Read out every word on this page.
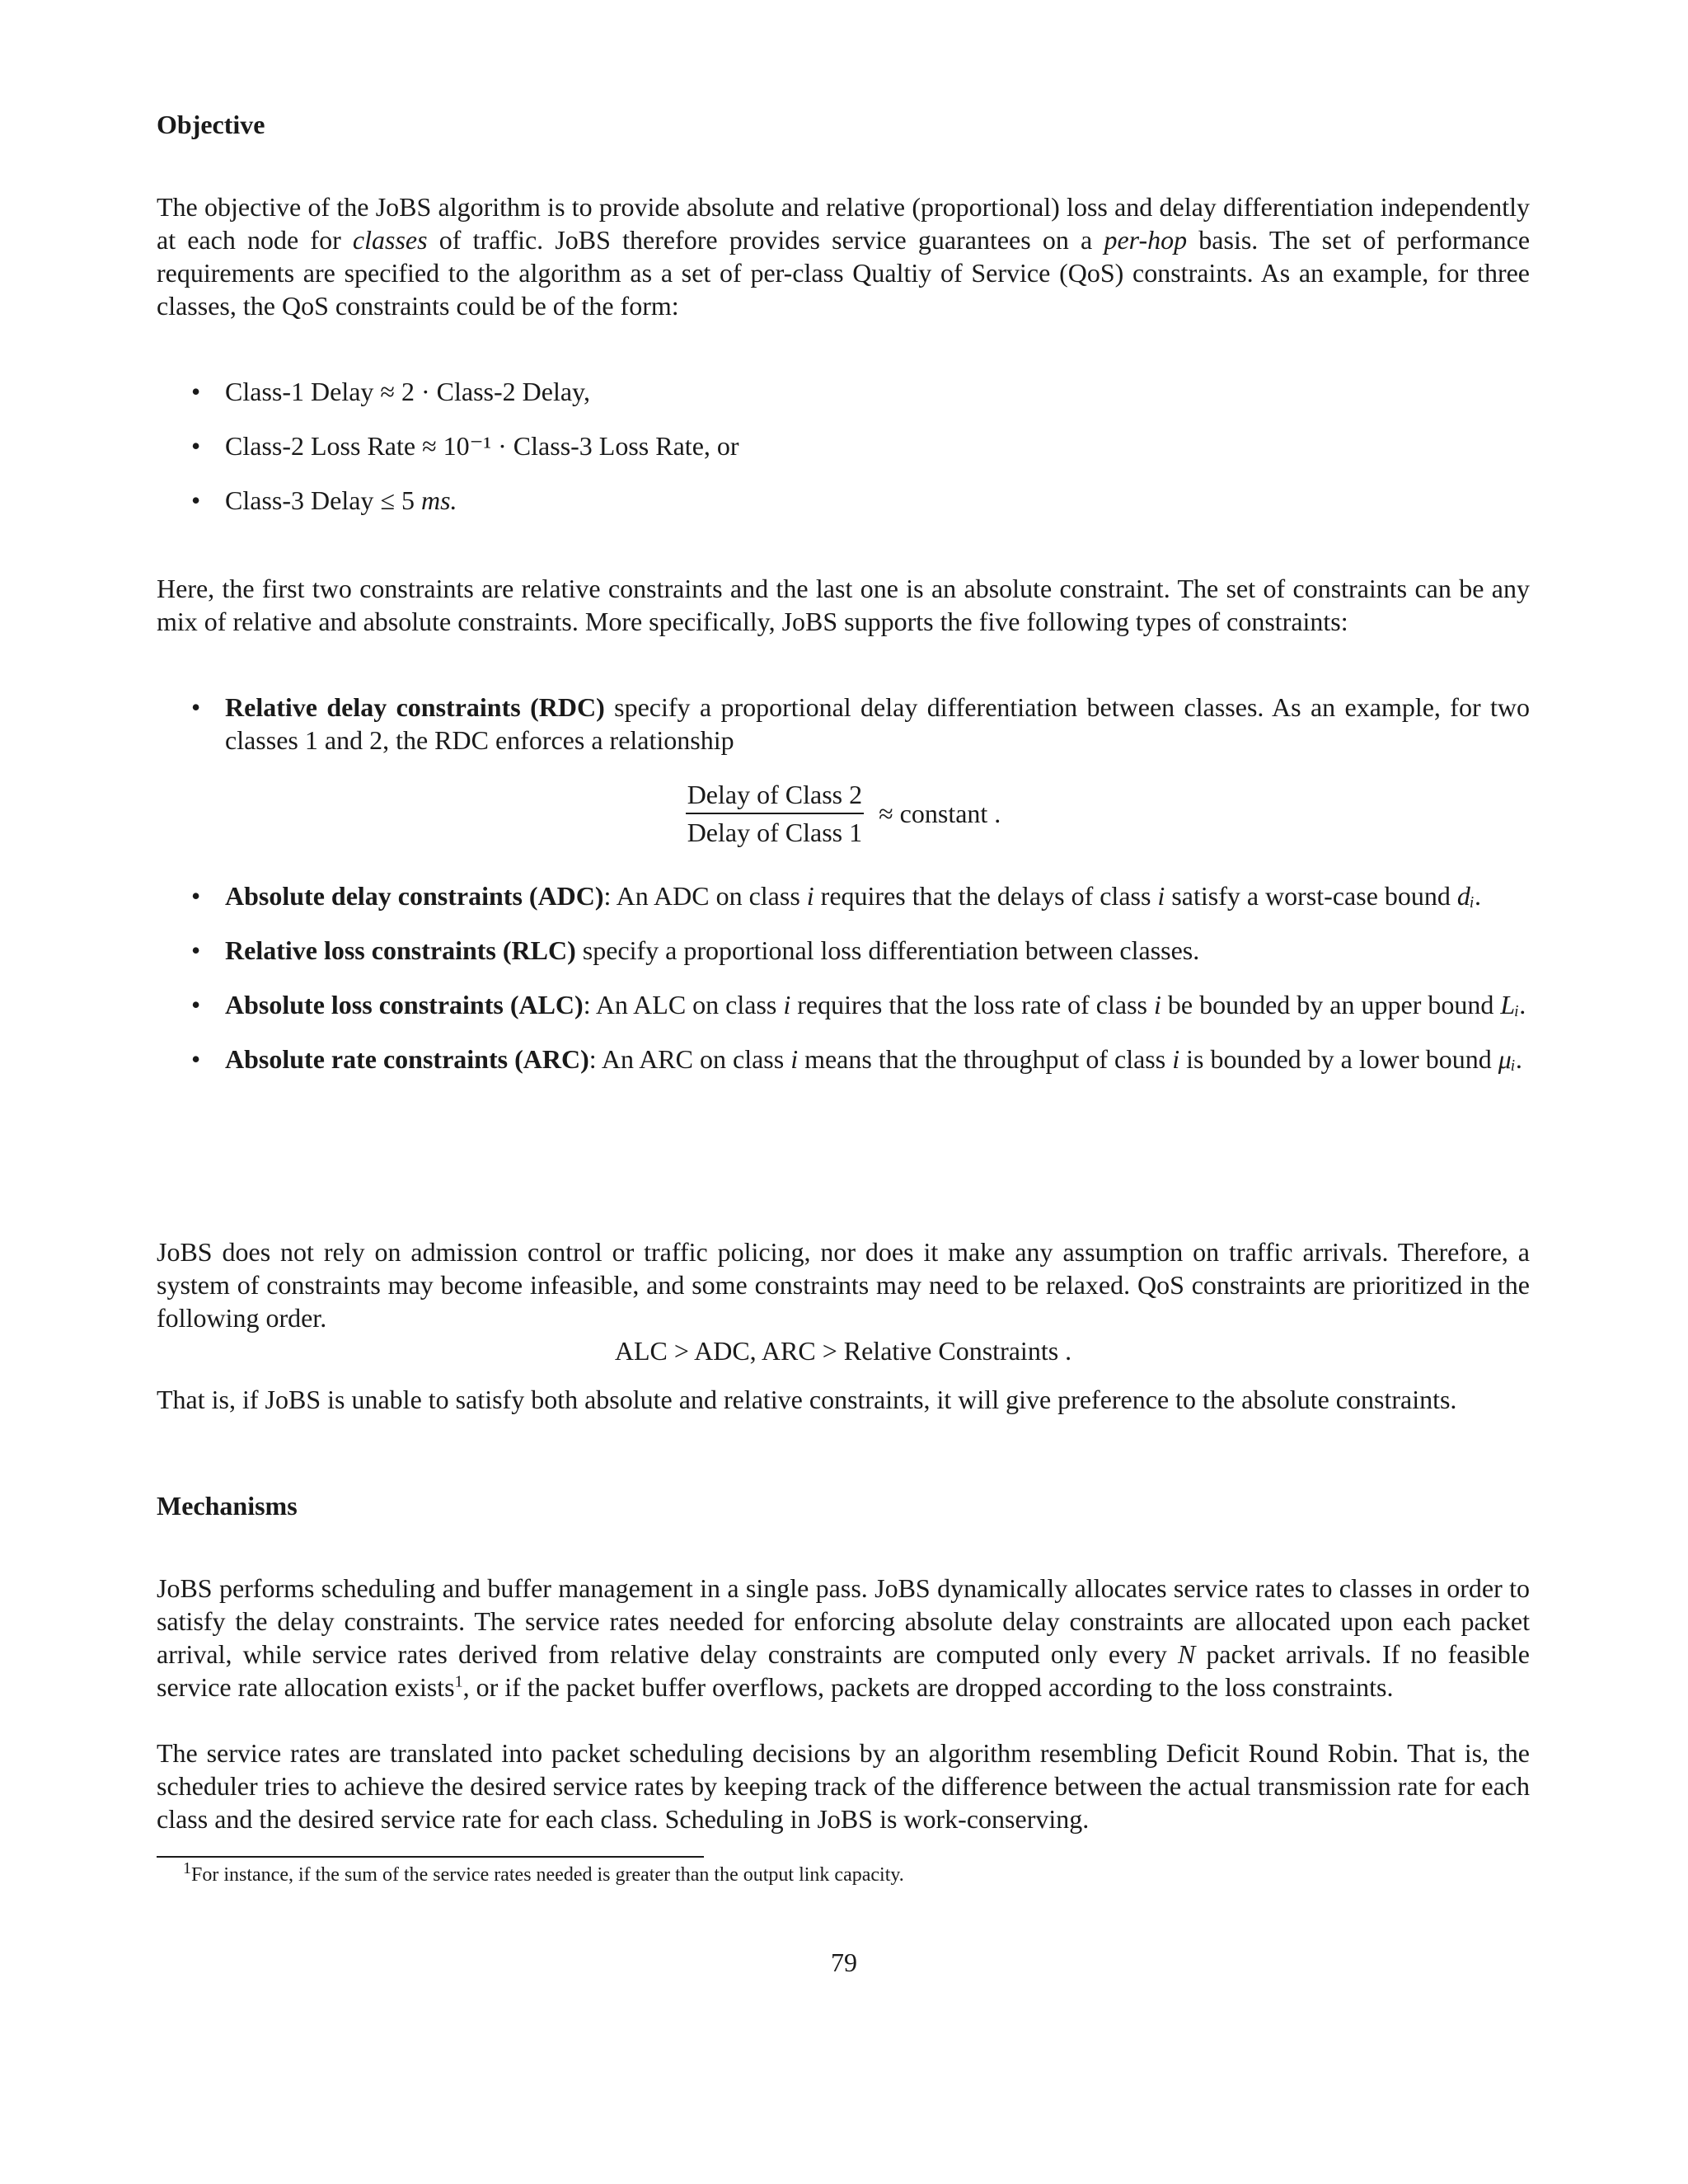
Objective
The objective of the JoBS algorithm is to provide absolute and relative (proportional) loss and delay differentiation independently at each node for classes of traffic. JoBS therefore provides service guarantees on a per-hop basis. The set of performance requirements are specified to the algorithm as a set of per-class Qualtiy of Service (QoS) constraints. As an example, for three classes, the QoS constraints could be of the form:
• Class-1 Delay ≈ 2 · Class-2 Delay,
• Class-2 Loss Rate ≈ 10⁻¹ · Class-3 Loss Rate, or
• Class-3 Delay ≤ 5 ms.
Here, the first two constraints are relative constraints and the last one is an absolute constraint. The set of constraints can be any mix of relative and absolute constraints. More specifically, JoBS supports the five following types of constraints:
• Relative delay constraints (RDC) specify a proportional delay differentiation between classes. As an example, for two classes 1 and 2, the RDC enforces a relationship
$\frac{\text{Delay of Class 2}}{\text{Delay of Class 1}}$ ≈ constant .
• Absolute delay constraints (ADC): An ADC on class i requires that the delays of class i satisfy a worst-case bound dᵢ.
• Relative loss constraints (RLC) specify a proportional loss differentiation between classes.
• Absolute loss constraints (ALC): An ALC on class i requires that the loss rate of class i be bounded by an upper bound Lᵢ.
• Absolute rate constraints (ARC): An ARC on class i means that the throughput of class i is bounded by a lower bound μᵢ.
JoBS does not rely on admission control or traffic policing, nor does it make any assumption on traffic arrivals. Therefore, a system of constraints may become infeasible, and some constraints may need to be relaxed. QoS constraints are prioritized in the following order.
ALC > ADC, ARC > Relative Constraints .
That is, if JoBS is unable to satisfy both absolute and relative constraints, it will give preference to the absolute constraints.
Mechanisms
JoBS performs scheduling and buffer management in a single pass. JoBS dynamically allocates service rates to classes in order to satisfy the delay constraints. The service rates needed for enforcing absolute delay constraints are allocated upon each packet arrival, while service rates derived from relative delay constraints are computed only every N packet arrivals. If no feasible service rate allocation exists$^1$, or if the packet buffer overflows, packets are dropped according to the loss constraints.
The service rates are translated into packet scheduling decisions by an algorithm resembling Deficit Round Robin. That is, the scheduler tries to achieve the desired service rates by keeping track of the difference between the actual transmission rate for each class and the desired service rate for each class. Scheduling in JoBS is work-conserving.
$^1$For instance, if the sum of the service rates needed is greater than the output link capacity.
79
